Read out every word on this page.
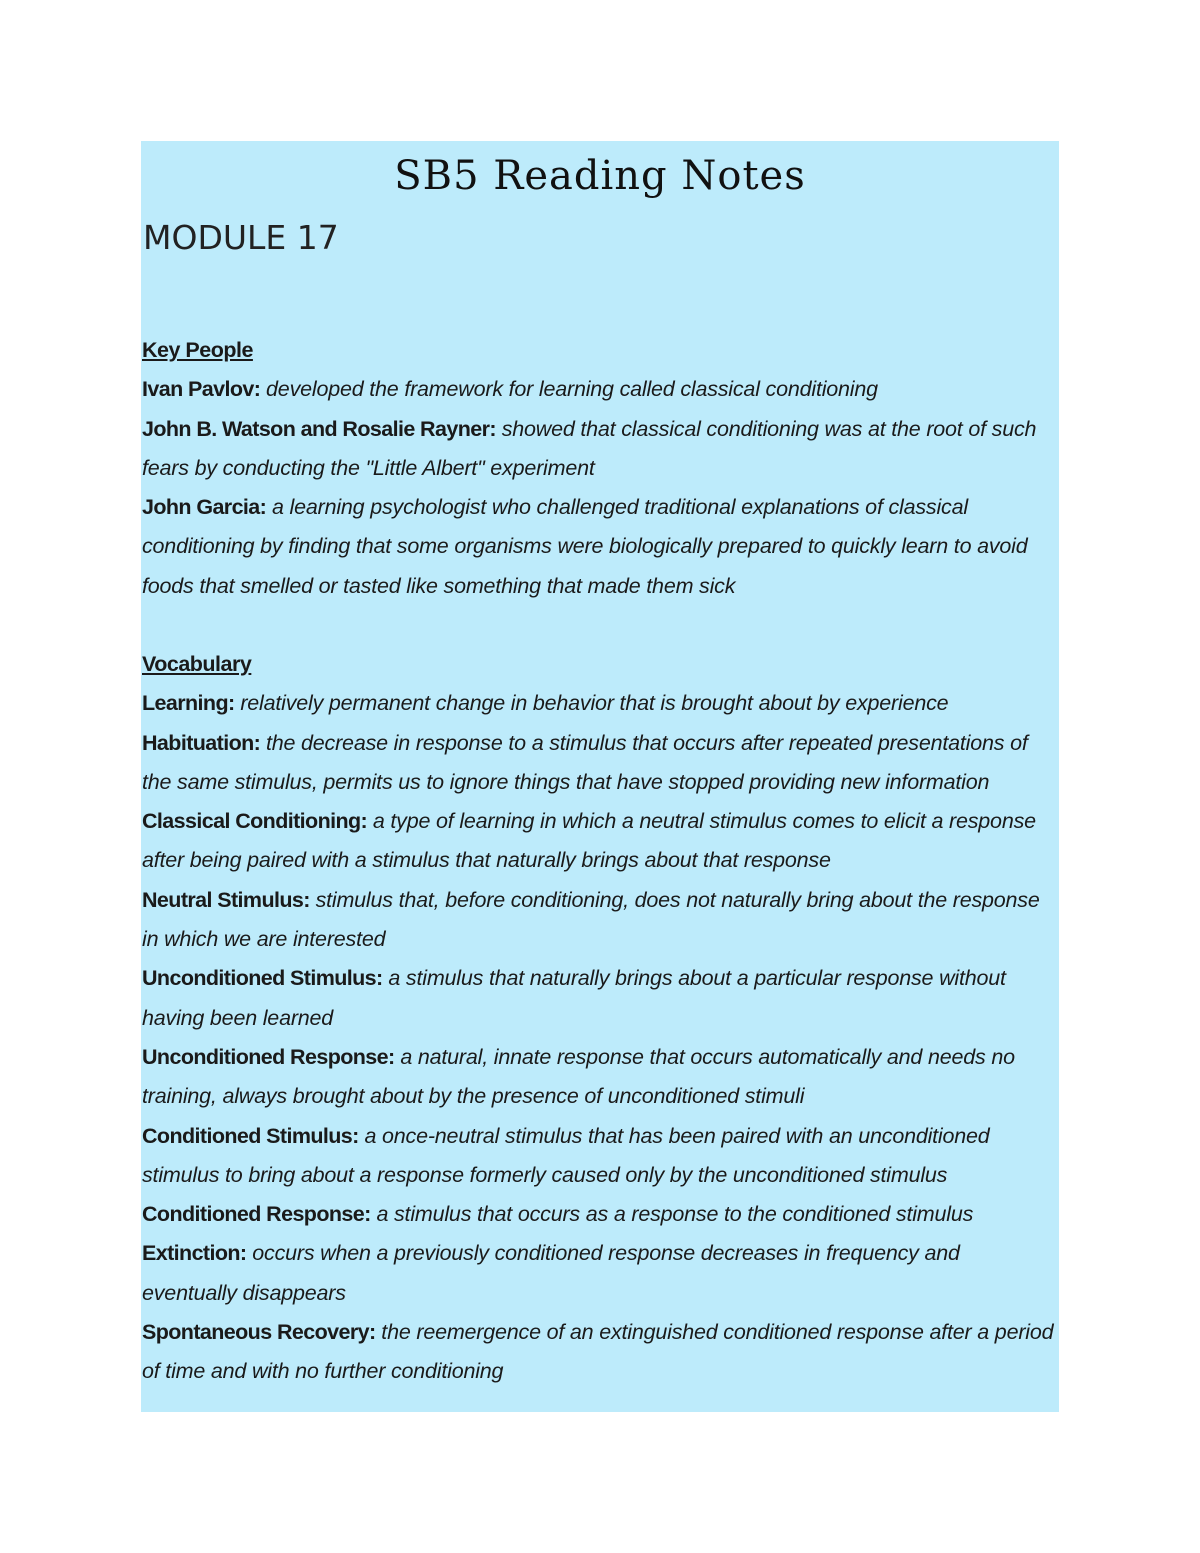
SB5 Reading Notes
MODULE 17
Key People

Ivan Pavlov: developed the framework for learning called classical conditioning

John B. Watson and Rosalie Rayner: showed that classical conditioning was at the root of such fears by conducting the "Little Albert" experiment

John Garcia: a learning psychologist who challenged traditional explanations of classical conditioning by finding that some organisms were biologically prepared to quickly learn to avoid foods that smelled or tasted like something that made them sick

Vocabulary

Learning: relatively permanent change in behavior that is brought about by experience

Habituation: the decrease in response to a stimulus that occurs after repeated presentations of the same stimulus, permits us to ignore things that have stopped providing new information

Classical Conditioning: a type of learning in which a neutral stimulus comes to elicit a response after being paired with a stimulus that naturally brings about that response

Neutral Stimulus: stimulus that, before conditioning, does not naturally bring about the response in which we are interested

Unconditioned Stimulus: a stimulus that naturally brings about a particular response without having been learned

Unconditioned Response: a natural, innate response that occurs automatically and needs no training, always brought about by the presence of unconditioned stimuli

Conditioned Stimulus: a once-neutral stimulus that has been paired with an unconditioned stimulus to bring about a response formerly caused only by the unconditioned stimulus

Conditioned Response: a stimulus that occurs as a response to the conditioned stimulus

Extinction: occurs when a previously conditioned response decreases in frequency and eventually disappears

Spontaneous Recovery: the reemergence of an extinguished conditioned response after a period of time and with no further conditioning
